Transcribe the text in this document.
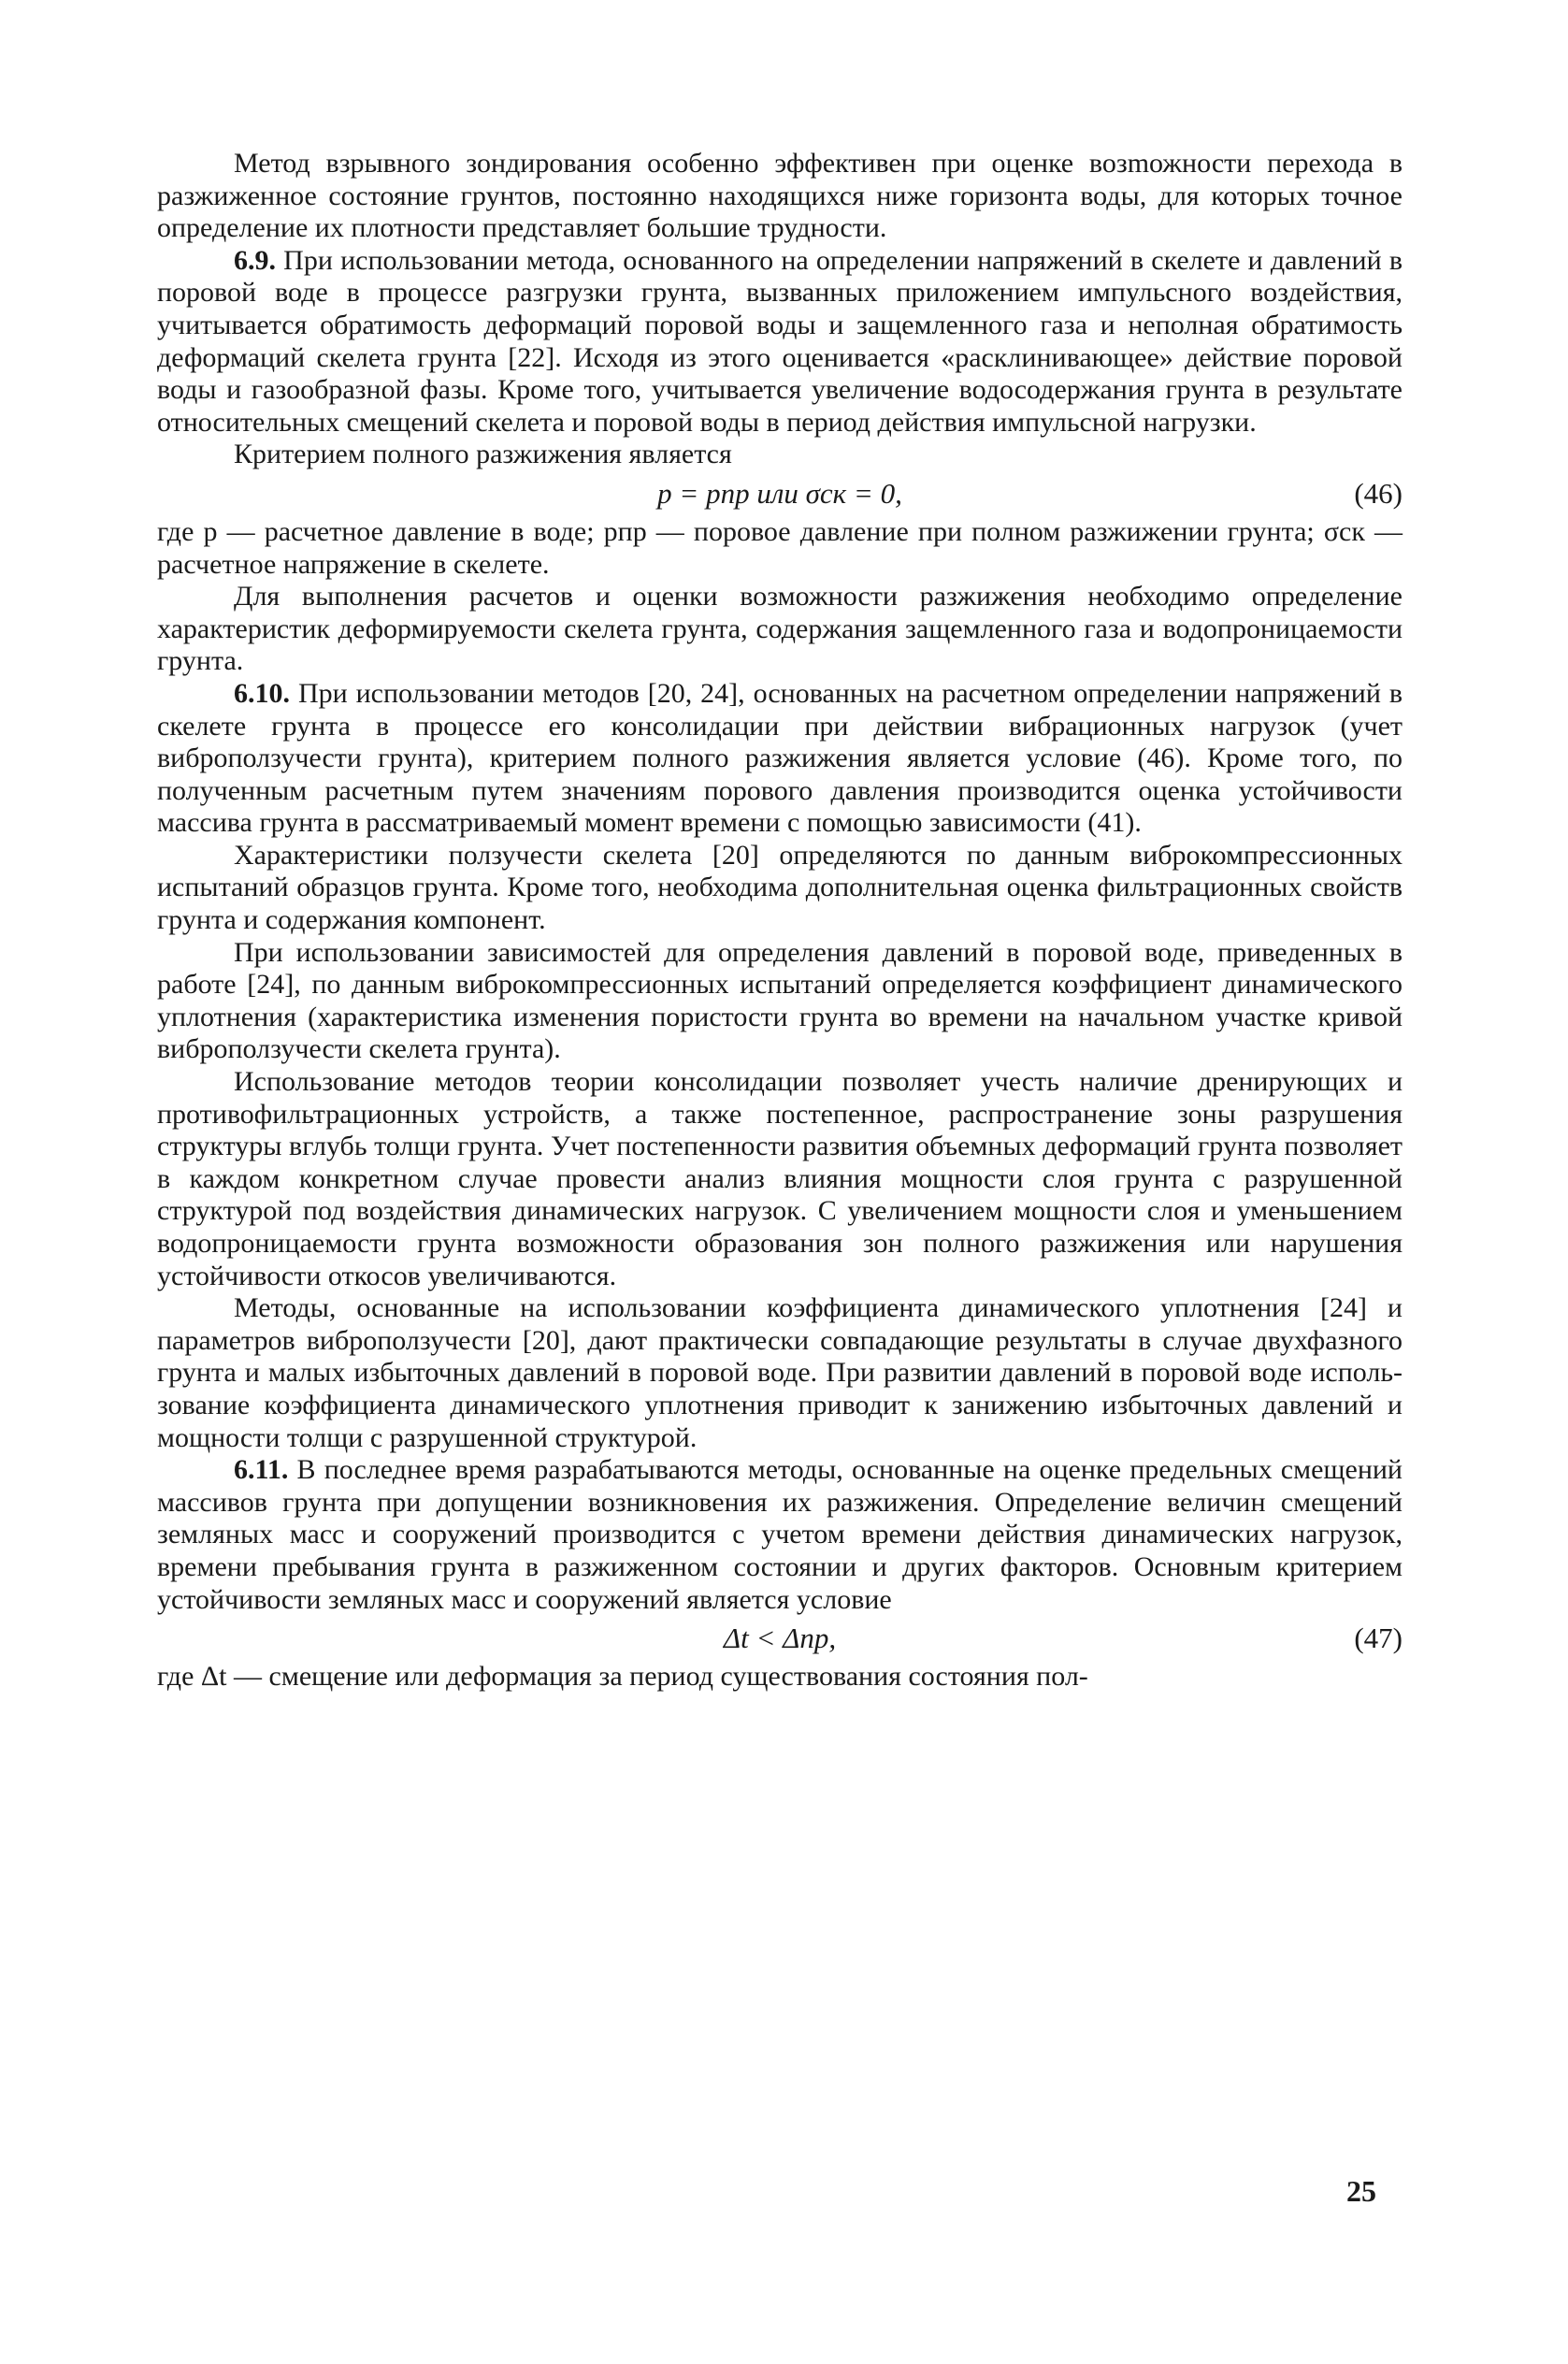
Метод взрывного зондирования особенно эффективен при оценке возmожности перехода в разжиженное состояние грунтов, постоянно находящихся ниже горизонта воды, для которых точное определение их плотности представляет большие трудности.

6.9. При использовании метода, основанного на определении напряжений в скелете и давлений в поровой воде в процессе разгрузки грунта, вызванных приложением импульсного воздействия, учитывается обратимость деформаций поровой воды и защемленного газа и неполная обратимость деформаций скелета грунта [22]. Исходя из этого оценивается «расклинивающее» действие поровой воды и газообразной фазы. Кроме того, учитывается увеличение водосодержания грунта в результате относительных смещений скелета и поровой воды в период действия импульсной нагрузки.

Критерием полного разжижения является

p = pпр или σск = 0,	(46)

где p — расчетное давление в воде; pпр — поровое давление при полном разжижении грунта; σск — расчетное напряжение в скелете.

Для выполнения расчетов и оценки возможности разжижения необходимо определение характеристик деформируемости скелета грунта, содержания защемленного газа и водопроницаемости грунта.

6.10. При использовании методов [20, 24], основанных на расчетном определении напряжений в скелете грунта в процессе его консолидации при действии вибрационных нагрузок (учет виброползучести грунта), критерием полного разжижения является условие (46). Кроме того, по полученным расчетным путем значениям порового давления производится оценка устойчивости массива грунта в рассматриваемый момент времени с помощью зависимости (41).

Характеристики ползучести скелета [20] определяются по данным виброкомпрессионных испытаний образцов грунта. Кроме того, необходима дополнительная оценка фильтрационных свойств грунта и содержания компонент.

При использовании зависимостей для определения давлений в поровой воде, приведенных в работе [24], по данным виброкомпрессионных испытаний определяется коэффициент динамического уплотнения (характеристика изменения пористости грунта во времени на начальном участке кривой виброползучести скелета грунта).

Использование методов теории консолидации позволяет учесть наличие дренирующих и противофильтрационных устройств, а также постепенное, распространение зоны разрушения структуры вглубь толщи грунта. Учет постепенности развития объемных деформаций грунта позволяет в каждом конкретном случае провести анализ влияния мощности слоя грунта с разрушенной структурой под воздействия динамических нагрузок. С увеличением мощности слоя и уменьшением водопроницаемости грунта возможности образования зон полного разжижения или нарушения устойчивости откосов увеличиваются.

Методы, основанные на использовании коэффициента динамического уплотнения [24] и параметров виброползучести [20], дают практически совпадающие результаты в случае двухфазного грунта и малых избыточных давлений в поровой воде. При развитии давлений в поровой воде использование коэффициента динамического уплотнения приводит к занижению избыточных давлений и мощности толщи с разрушенной структурой.

6.11. В последнее время разрабатываются методы, основанные на оценке предельных смещений массивов грунта при допущении возникновения их разжижения. Определение величин смещений земляных масс и сооружений производится с учетом времени действия динамических нагрузок, времени пребывания грунта в разжиженном состоянии и других факторов. Основным критерием устойчивости земляных масс и сооружений является условие

Δt < Δпр,	(47)

где Δt — смещение или деформация за период существования состояния пол-

25
